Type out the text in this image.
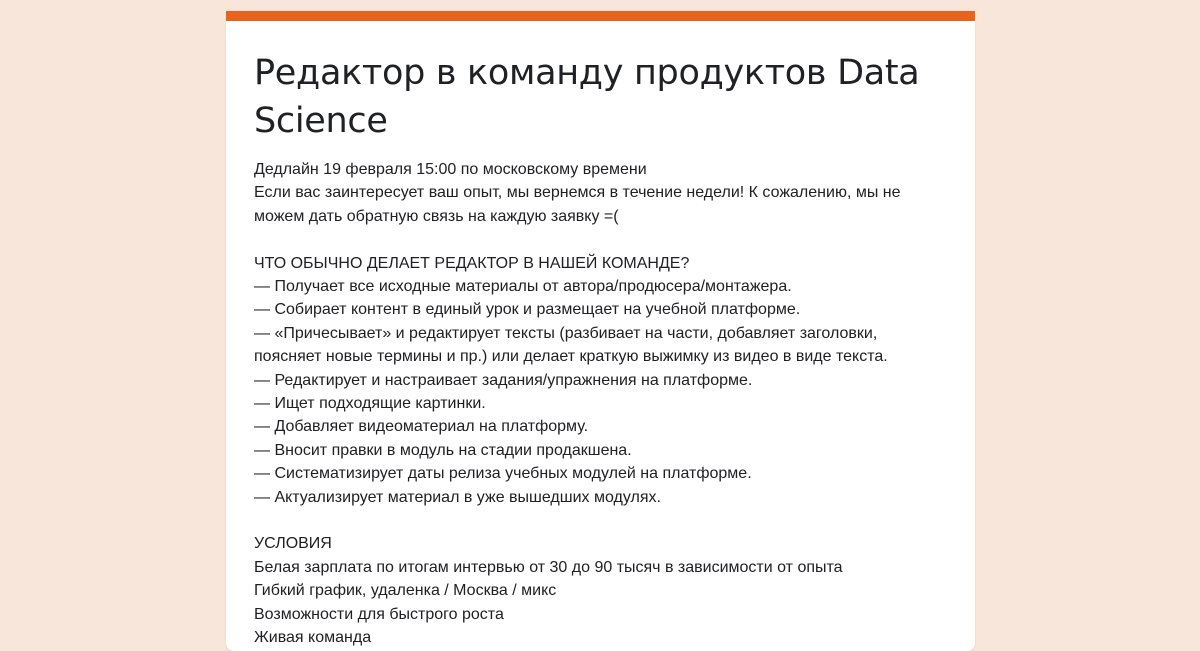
Редактор в команду продуктов Data Science
Дедлайн 19 февраля 15:00 по московскому времени
Если вас заинтересует ваш опыт, мы вернемся в течение недели! К сожалению, мы не
можем дать обратную связь на каждую заявку =(
ЧТО ОБЫЧНО ДЕЛАЕТ РЕДАКТОР В НАШЕЙ КОМАНДЕ?
— Получает все исходные материалы от автора/продюсера/монтажера.
— Собирает контент в единый урок и размещает на учебной платформе.
— «Причесывает» и редактирует тексты (разбивает на части, добавляет заголовки,
поясняет новые термины и пр.) или делает краткую выжимку из видео в виде текста.
— Редактирует и настраивает задания/упражнения на платформе.
— Ищет подходящие картинки.
— Добавляет видеоматериал на платформу.
— Вносит правки в модуль на стадии продакшена.
— Систематизирует даты релиза учебных модулей на платформе.
— Актуализирует материал в уже вышедших модулях.
УСЛОВИЯ
Белая зарплата по итогам интервью от 30 до 90 тысяч в зависимости от опыта
Гибкий график, удаленка / Москва / микс
Возможности для быстрого роста
Живая команда
